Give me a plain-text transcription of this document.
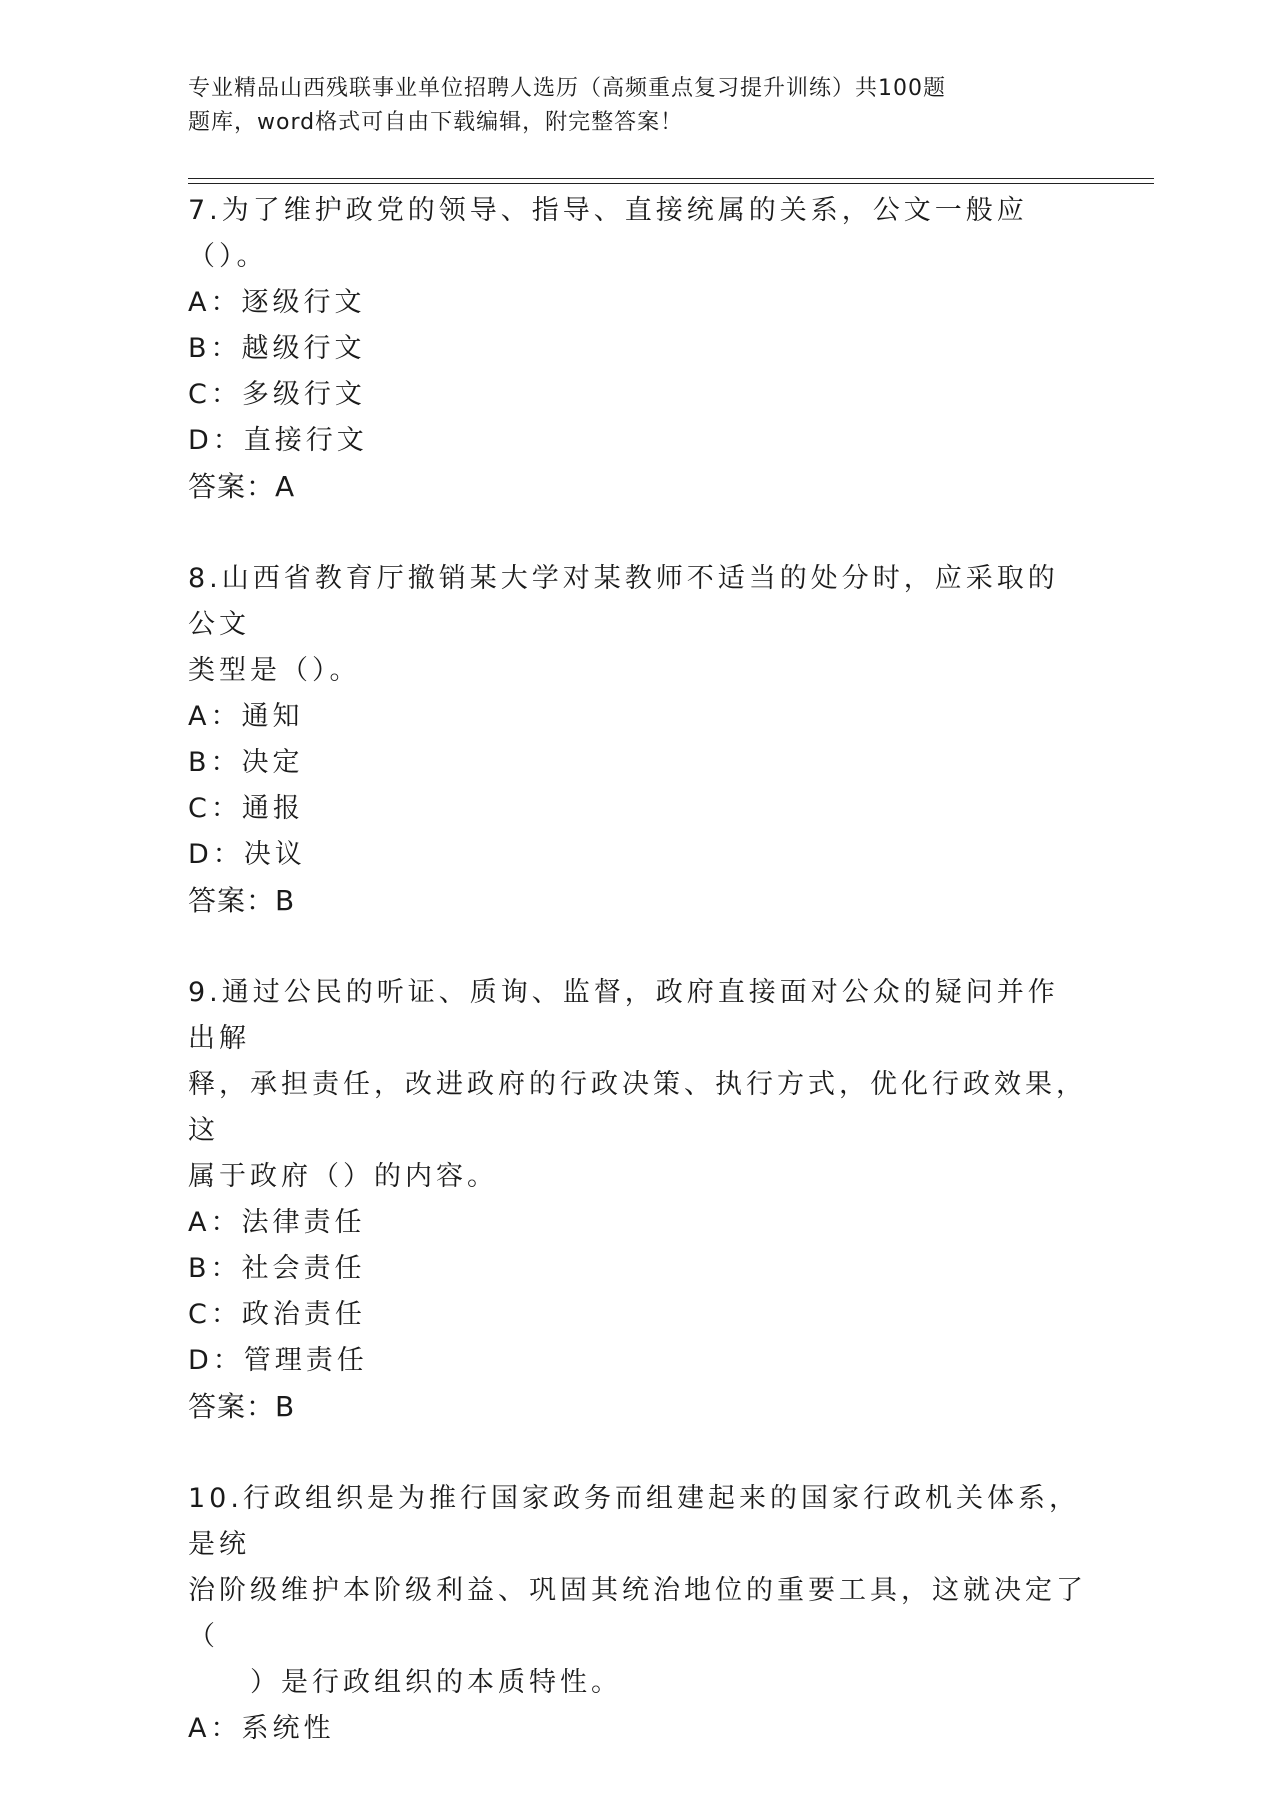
专业精品山西残联事业单位招聘人选历（高频重点复习提升训练）共100题
题库，word格式可自由下载编辑，附完整答案！

7.为了维护政党的领导、指导、直接统属的关系，公文一般应（）。

A：逐级行文

B：越级行文

C：多级行文

D：直接行文

答案：A

8.山西省教育厅撤销某大学对某教师不适当的处分时，应采取的公文

类型是（）。

A：通知

B：决定

C：通报

D：决议

答案：B

9.通过公民的听证、质询、监督，政府直接面对公众的疑问并作出解

释，承担责任，改进政府的行政决策、执行方式，优化行政效果，这

属于政府（）的内容。

A：法律责任

B：社会责任

C：政治责任

D：管理责任

答案：B

10.行政组织是为推行国家政务而组建起来的国家行政机关体系，是统

治阶级维护本阶级利益、巩固其统治地位的重要工具，这就决定了（

　　）是行政组织的本质特性。

A：系统性
